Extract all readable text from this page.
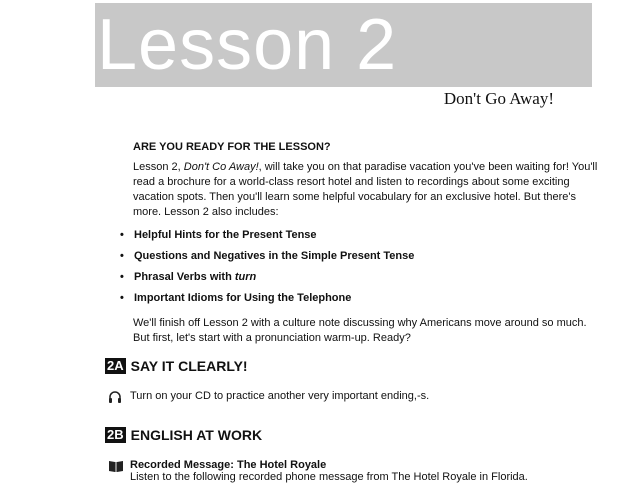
Lesson 2
Don't Go Away!
ARE YOU READY FOR THE LESSON?

Lesson 2, Don't Co Away!, will take you on that paradise vacation you've been waiting for! You'll read a brochure for a world-class resort hotel and listen to recordings about some exciting vacation spots. Then you'll learn some helpful vocabulary for an exclusive hotel. But there's more. Lesson 2 also includes:

• Helpful Hints for the Present Tense
• Questions and Negatives in the Simple Present Tense
• Phrasal Verbs with turn
• Important Idioms for Using the Telephone

We'll finish off Lesson 2 with a culture note discussing why Americans move around so much. But first, let's start with a pronunciation warm-up. Ready?

2A SAY IT CLEARLY!
Turn on your CD to practice another very important ending,-s.
2B ENGLISH AT WORK
Recorded Message: The Hotel Royale
Listen to the following recorded phone message from The Hotel Royale in Florida.
